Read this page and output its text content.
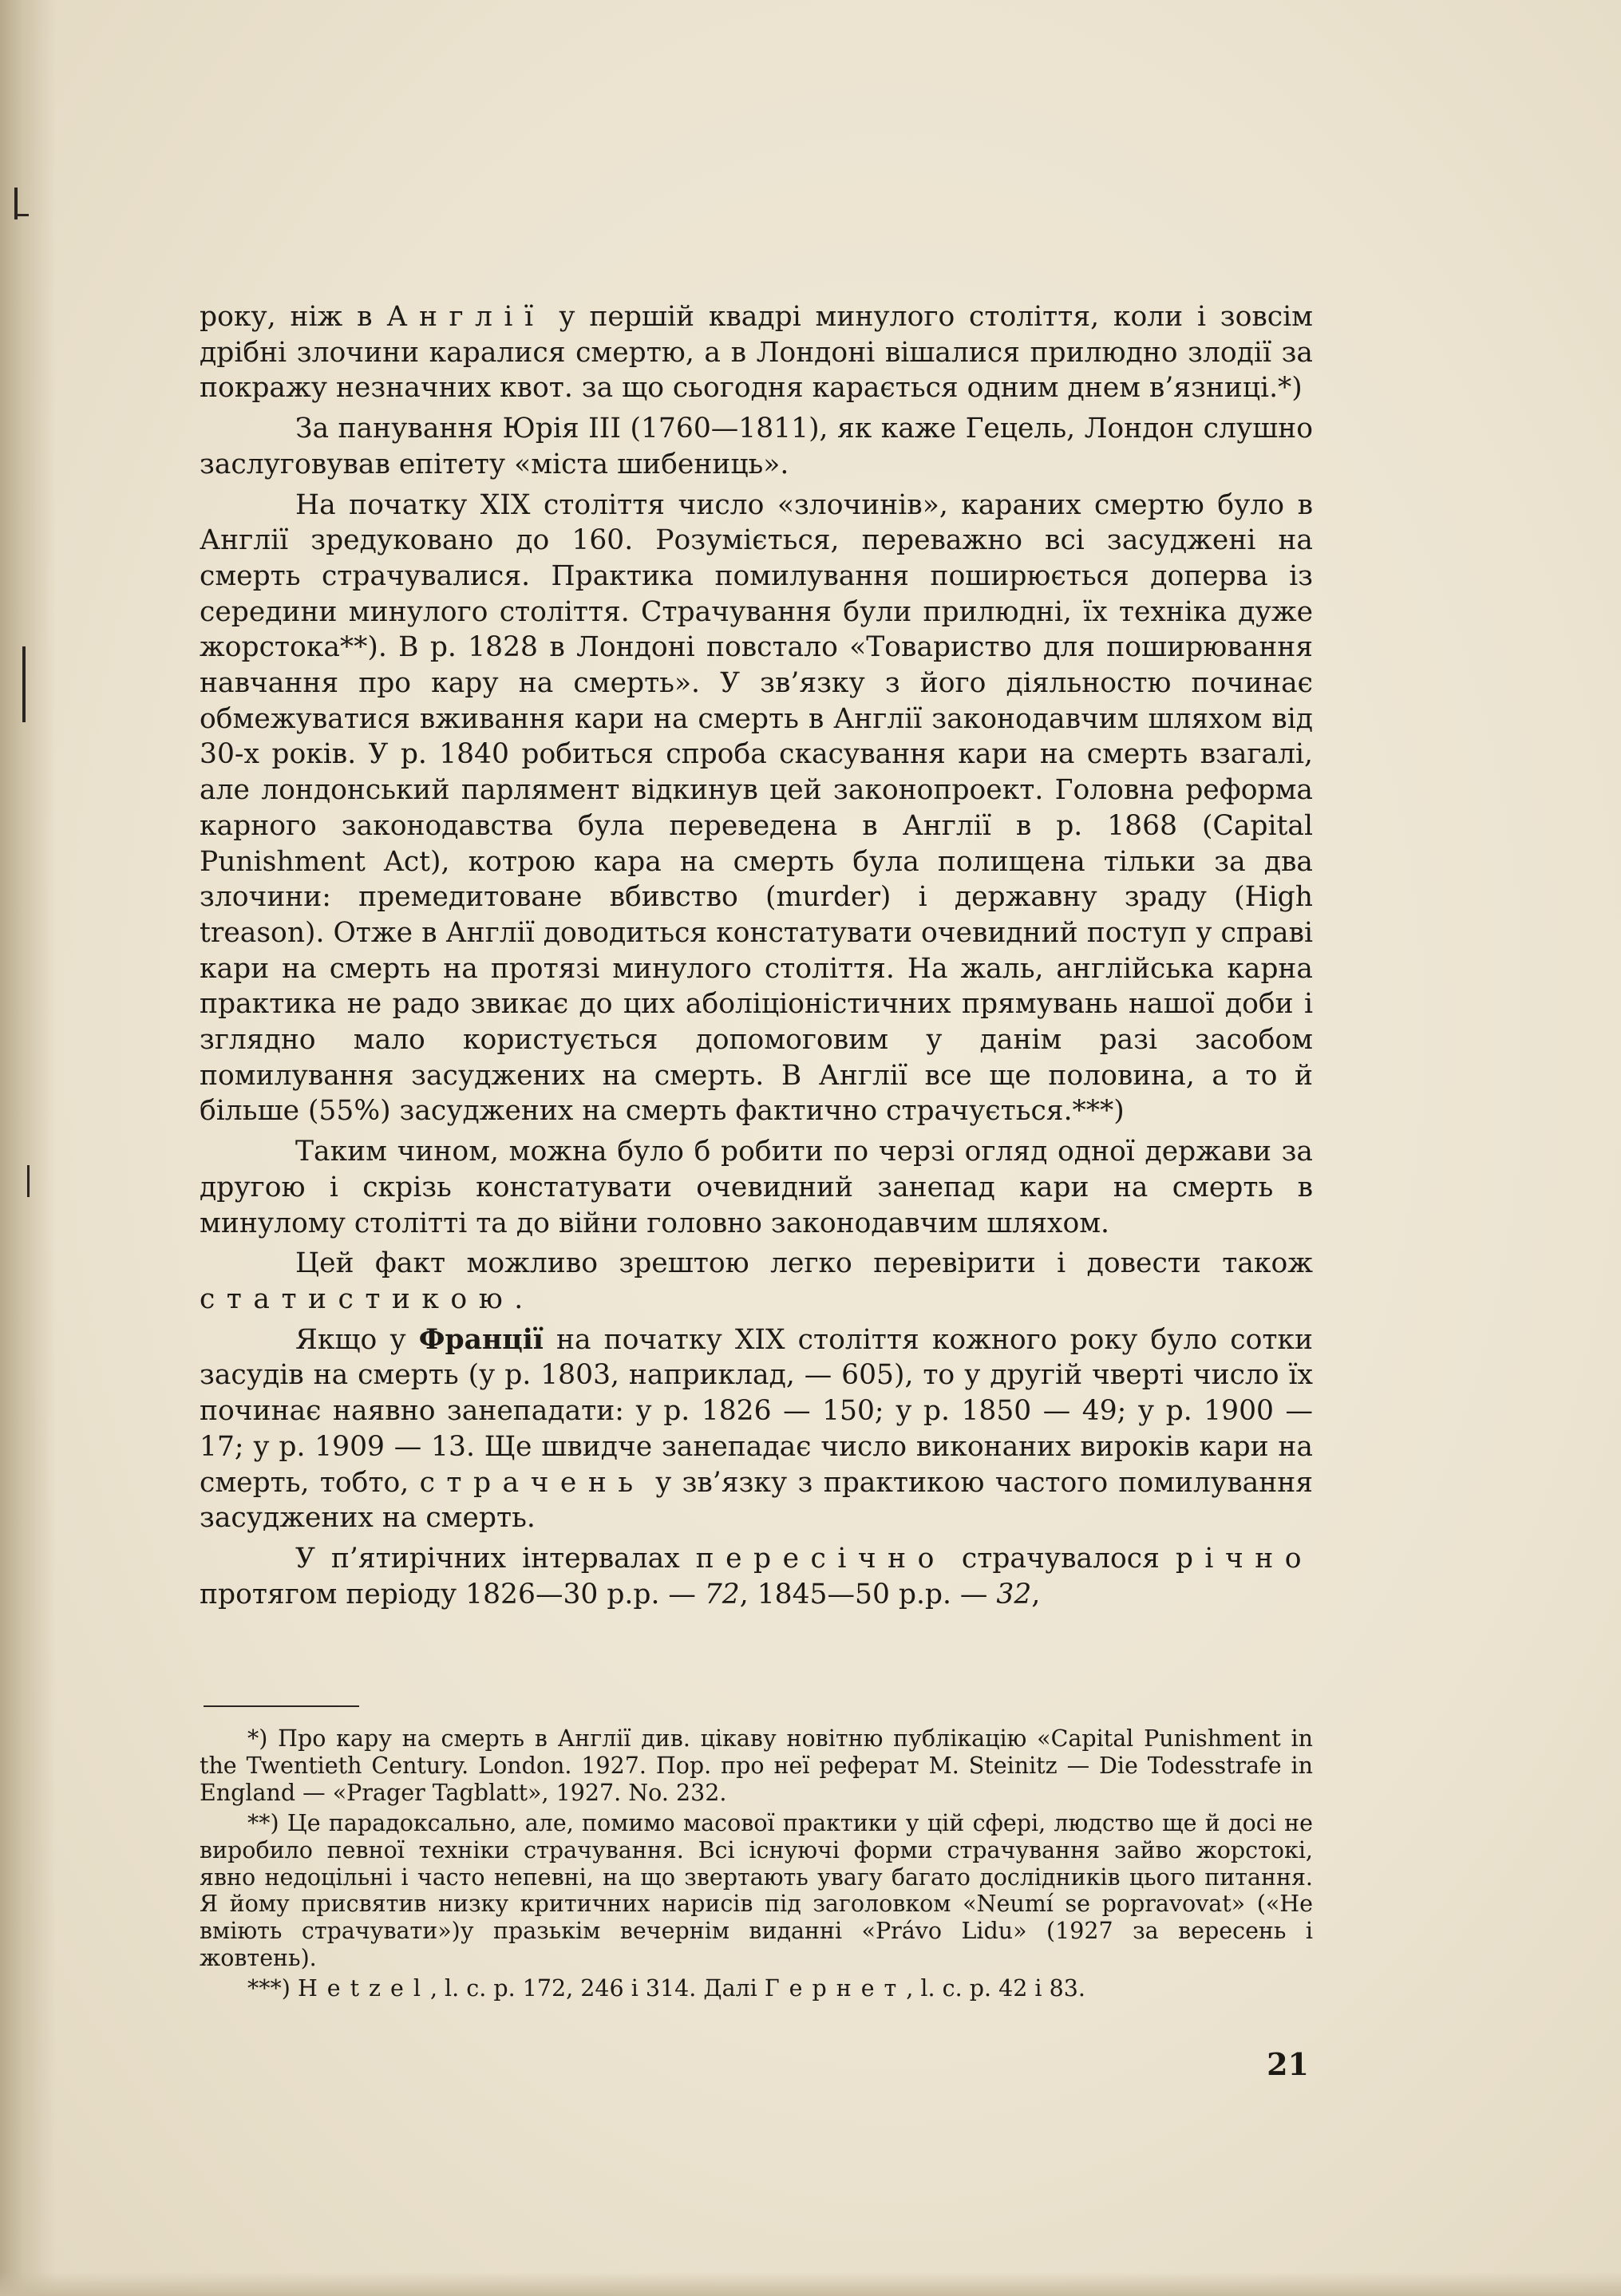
року, ніж в Англії у першій квадрі минулого століття, коли і зовсім дрібні злочини каралися смертю, а в Лондоні вішалися прилюдно злодії за покражу незначних квот. за що сьогодня карається одним днем в’язниці.*)

За панування Юрія III (1760—1811), як каже Гецель, Лондон слушно заслуговував епітету «міста шибениць».

На початку XIX століття число «злочинів», караних смертю було в Англії зредуковано до 160. Розуміється, переважно всі засуджені на смерть страчувалися. Практика помилування поширюється доперва із середини минулого століття. Страчування були прилюдні, їх техніка дуже жорстока**). В р. 1828 в Лондоні повстало «Товариство для поширювання навчання про кару на смерть». У зв’язку з його діяльностю починає обмежуватися вживання кари на смерть в Англії законодавчим шляхом від 30-х років. У р. 1840 робиться спроба скасування кари на смерть взагалі, але лондонський парлямент відкинув цей законопроект. Головна реформа карного законодавства була переведена в Англії в р. 1868 (Capital Punishment Act), котрою кара на смерть була полищена тільки за два злочини: премедитоване вбивство (murder) і державну зраду (High treason). Отже в Англії доводиться констатувати очевидний поступ у справі кари на смерть на протязі минулого століття. На жаль, англійська карна практика не радо звикає до цих аболіціоністичних прямувань нашої доби і зглядно мало користується допомоговим у данім разі засобом помилування засуджених на смерть. В Англії все ще половина, а то й більше (55%) засуджених на смерть фактично страчується.***)

Таким чином, можна було б робити по черзі огляд одної держави за другою і скрізь констатувати очевидний занепад кари на смерть в минулому столітті та до війни головно законодавчим шляхом.

Цей факт можливо зрештою легко перевірити і довести також статистикою.

Якщо у Франції на початку XIX століття кожного року було сотки засудів на смерть (у р. 1803, наприклад, — 605), то у другій чверті число їх починає наявно занепадати: у р. 1826 — 150; у р. 1850 — 49; у р. 1900 — 17; у р. 1909 — 13. Ще швидче занепадає число виконаних вироків кари на смерть, тобто, страчень у зв’язку з практикою частого помилування засуджених на смерть.

У п’ятирічних інтервалах пересічно страчувалося річно протягом періоду 1826—30 р.р. — 72, 1845—50 р.р. — 32,

*) Про кару на смерть в Англії див. цікаву новітню публікацію «Capital Punishment in the Twentieth Century. London. 1927. Пор. про неї реферат M. Steinitz — Die Todesstrafe in England — «Prager Tagblatt», 1927. No. 232.

**) Це парадоксально, але, помимо масової практики у цій сфері, людство ще й досі не виробило певної техніки страчування. Всі існуючі форми страчування зайво жорстокі, явно недоцільні і часто непевні, на що звертають увагу багато дослідників цього питання. Я йому присвятив низку критичних нарисів під заголовком «Neumí se popravovat» («Не вміють страчувати»)у празькім вечернім виданні «Právo Lidu» (1927 за вересень і жовтень).

***) Hetzel, l. c. p. 172, 246 і 314. Далі Гернет, l. c. p. 42 і 83.

21
